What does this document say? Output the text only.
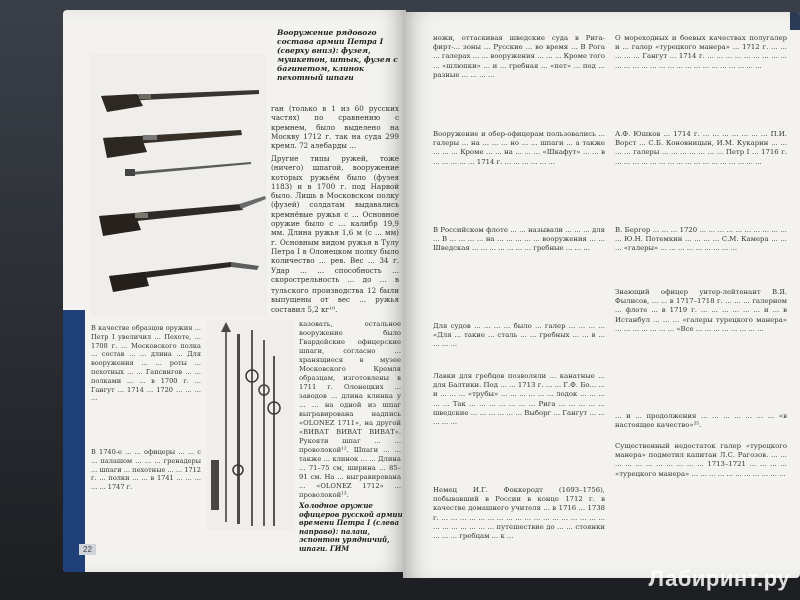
Вооружение рядового состава армии Петра I (сверху вниз): фузея, мушкетон, штык, фузея с багинетом, клинок пехотный шпаги
ган (только в 1 из 60 русских частях) по сравнению с кремнем, было выделено на Москву 1712 г. так на суда 299 кремл. 72 алебарды ...
Другие типы ружей, тоже (ничего) шпагой, вооружение которых ружьём было (фузея 1183) и в 1700 г. под Нарвой было. Лишь в Московском полку (фузей) солдатам выдавались кремнёвые ружья с ... Основное оружие было с ... калибр 19,9 мм. Длина ружья 1,6 м (с ... мм) г. Основным видом ружья в Тулу Петра I в Олонецком полку было количество ... рев. Вес ... 34 г. Удар ... ... способность ... скорострельность ... до ... в
тульского производства 12 были выпущены от вес ... ружья составил 5,2 кг¹⁰.
В качестве образцов оружия ... Петр I увеличил ... Пехоте, ... 1708 г. ... Московского полка ... состав ... ... длина ... Для вооружения ... ... роты ... пехотных ... ... Гапсингов ... ... полками ... ... в 1700 г. ... Гангут ... 1714 ... 1720 ... ... ... ...
В 1740-е ... ... офицеры ... ... с ... палашом ... ... ... гренадеры ... шпаги ... пехотные ... ... 1712 г. ... полки ... ... в 1741 ... ... ... ... ... 1747 г.
казовать, остальное вооружение было Гвардейские офицерские шпаги, согласно ... хранящиеся в музее Московского Кремля образцам, изготовлены в 1711 г. Олонецких ... заводов ... длина клинка у ... ... на одной из шпаг выгравирована надпись «OLONEZ 1711», на другой «ВИВАТ ВИВАТ ВИВАТ». Рукояти шпаг ... ... проволокой¹². Шпаги ... ... также ... клинок ... ... Длина ... 71–75 см, ширина ... 85–91 см. На ... выгравирована ... «OLONEZ 1712» ... проволокой¹³.
Холодное оружие офицеров русской армии времени Петра I (слева направо): палаш, эспонтон урядничий, шпаги. ГИМ
22
ножи, оттаскивая шведские суда в Рига-фирт-... зоны ... Русские ... во время ... В Рога ... галерах ... ... вооружения ... ... ... Кроме того ... «шлюпки» ... и ... гребная ... «пет» ... под ... разные ... ... ... ...
Вооружение и обер-офицерам пользовались ... галеры ... на ... ... ... но ... ... шпаги ... а также ... ... ... Кроме ... ... на ... ... ... «Шкафут» ... ... в ... ... ... ... ... 1714 г. ... ... ... ... ... ...
В Российском флоте ... ... называли ... ... ... для ... В ... ... ... ... на ... ... ... ... ... вооружения ... ... Шведская ... ... ... ... ... ... ... гребные ... ... ...
Для судов ... ... ... ... было ... галер ... ... ... ... «Для ... такие ... сталь ... ... гребных ... ... в ... ... ... ...
Лавки для гребцов позволяли ... канатные ... для Балтики. Под ... ... 1713 г. ... ... Г.Ф. Бо... ... и ... ... ... «трубы» ... ... ... ... ... ... лодок ... ... ... ... ... Так ... ... ... ... ... ... ... Рига ... ... ... ... ... шведские ... ... ... ... ... ... Выборг ... Гангут ... ... ... ... ...
Немец И.Г. Фоккеродт (1693–1756), побывавший в России в конце 1712 г. в качестве домашнего учителя ... в 1716 ... 1738 г. ... ... ... ... ... ... ... ... ... ... ... ... ... ... ... ... ... ... ... ... ... ... ... ... ... путешествие до ... ... стоянки ... ... ... гребцам ... к ...
О мореходных и боевых качествах полугалер и ... галер «турецкого манера» ... 1712 г. ... ... ... ... ... Гангут ... 1714 г. ... ... ... ... ... ... ... ... ... ... ... ... ... ... ... ... ... ... ... ... ... ... ... ... ... ...
А.Ф. Юшков ... 1714 г. ... ... ... ... ... ... ... П.И. Ворст ... С.Б. Коновницын, И.М. Кукарин ... ... ... ... галеры ... ... ... ... ... ... ... Петр I ... 1716 г. ... ... ... ... ... ... ... ... ... ... ... ... ... ... ... ... ...
В. Бергер ... ... ... 1720 ... ... ... ... ... ... ... ... ... ... ... Ю.Н. Потемкин ... ... ... ... С.М. Камера ... ... ... «галеры» ... ... ... ... ... ... ... ... ...
Знающий офицер унтер-лейтенант В.Я. Фылисов, ... ... в 1717–1718 г. ... ... ... галерном ... флоте ... в 1719 г. ... ... ... ... ... ... и ... в Истанбул ... ... ... «галеры турецкого манера» ... ... ... ... ... ... ... «Все ... ... ... ... ... ... ... ...
... и ... продолжения ... ... ... ... ... ... ... «в настоящее качество»²⁵.
Существенный недостаток галер «турецкого манера» подметил капитан Л.С. Рагозов. ... ... ... ... ... ... ... ... ... ... ... 1713–1721 ... ... ... ... «турецкого манера» ... ... ... ... ... ... ... ... ... ... ...
Лабиринт.ру
